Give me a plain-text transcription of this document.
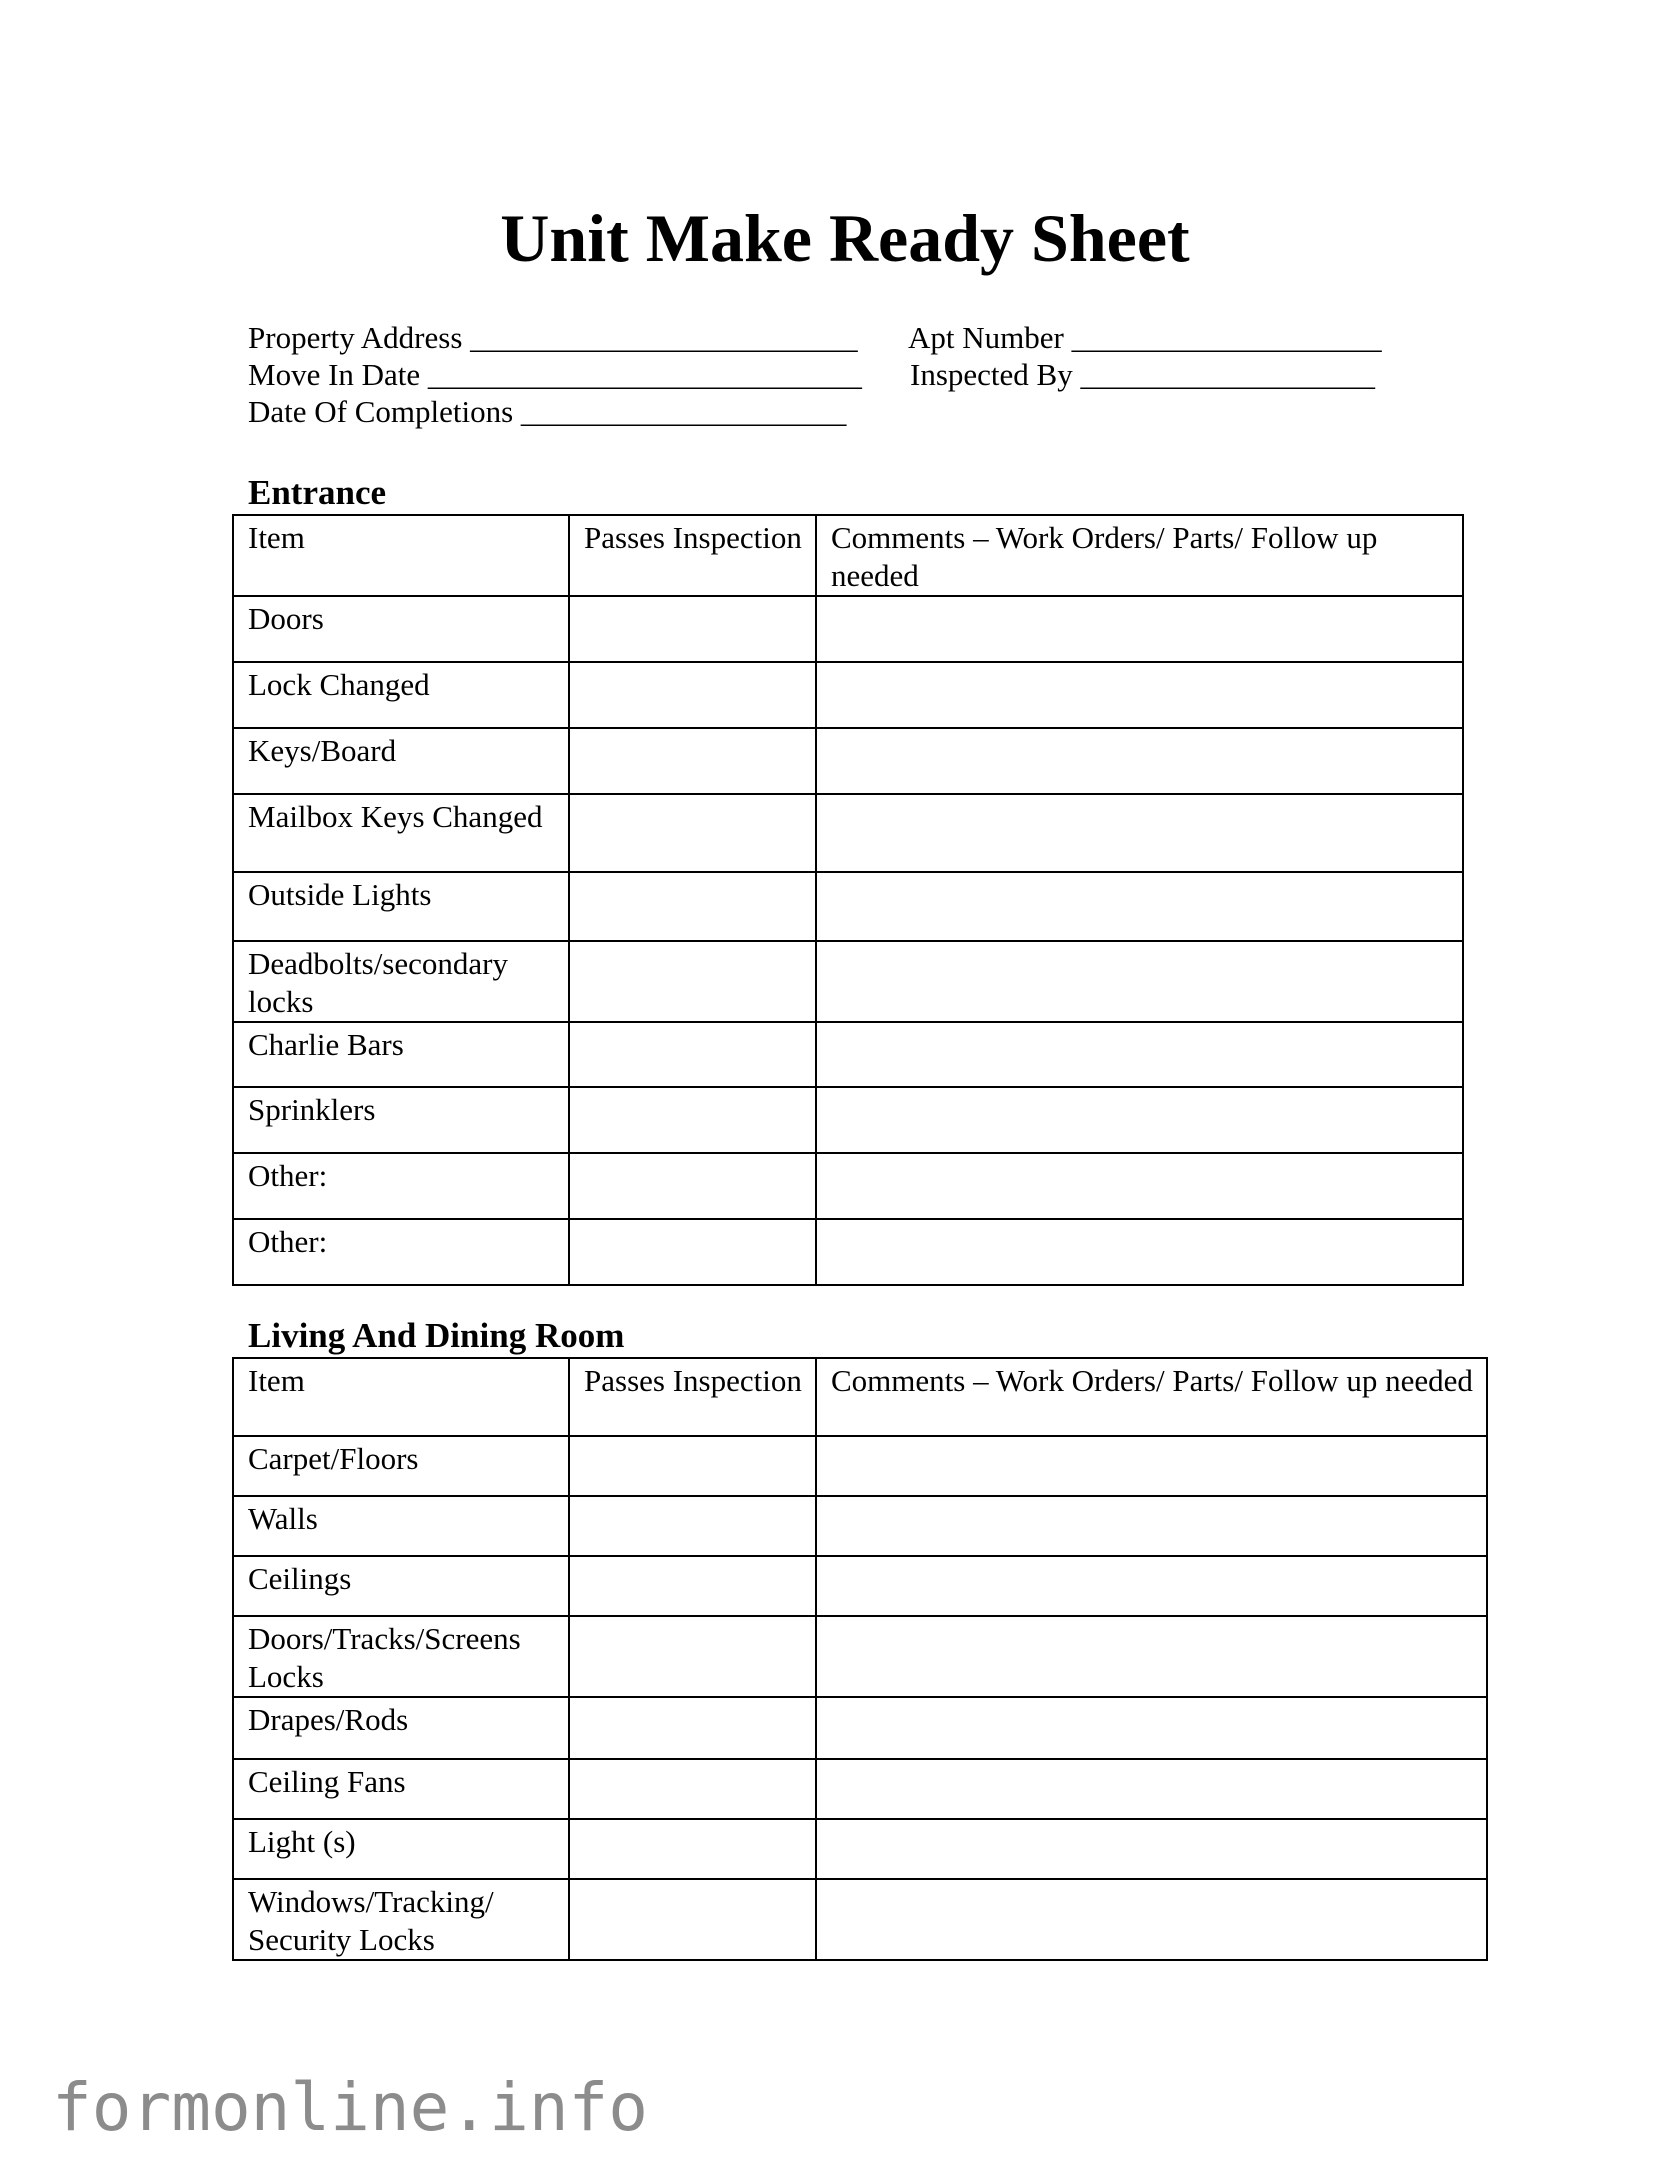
Unit Make Ready Sheet
Property Address _________________________ Apt Number ____________________
Move In Date ____________________________ Inspected By ___________________
Date Of Completions _____________________
Entrance
Item	Passes Inspection	Comments – Work Orders/ Parts/ Follow up needed
Doors		
Lock Changed		
Keys/Board		
Mailbox Keys Changed		
Outside Lights		
Deadbolts/secondary locks		
Charlie Bars		
Sprinklers		
Other:		
Other:		
Living And Dining Room
Item	Passes Inspection	Comments – Work Orders/ Parts/ Follow up needed
Carpet/Floors		
Walls		
Ceilings		
Doors/Tracks/Screens Locks		
Drapes/Rods		
Ceiling Fans		
Light (s)		
Windows/Tracking/ Security Locks		
formonline.info
